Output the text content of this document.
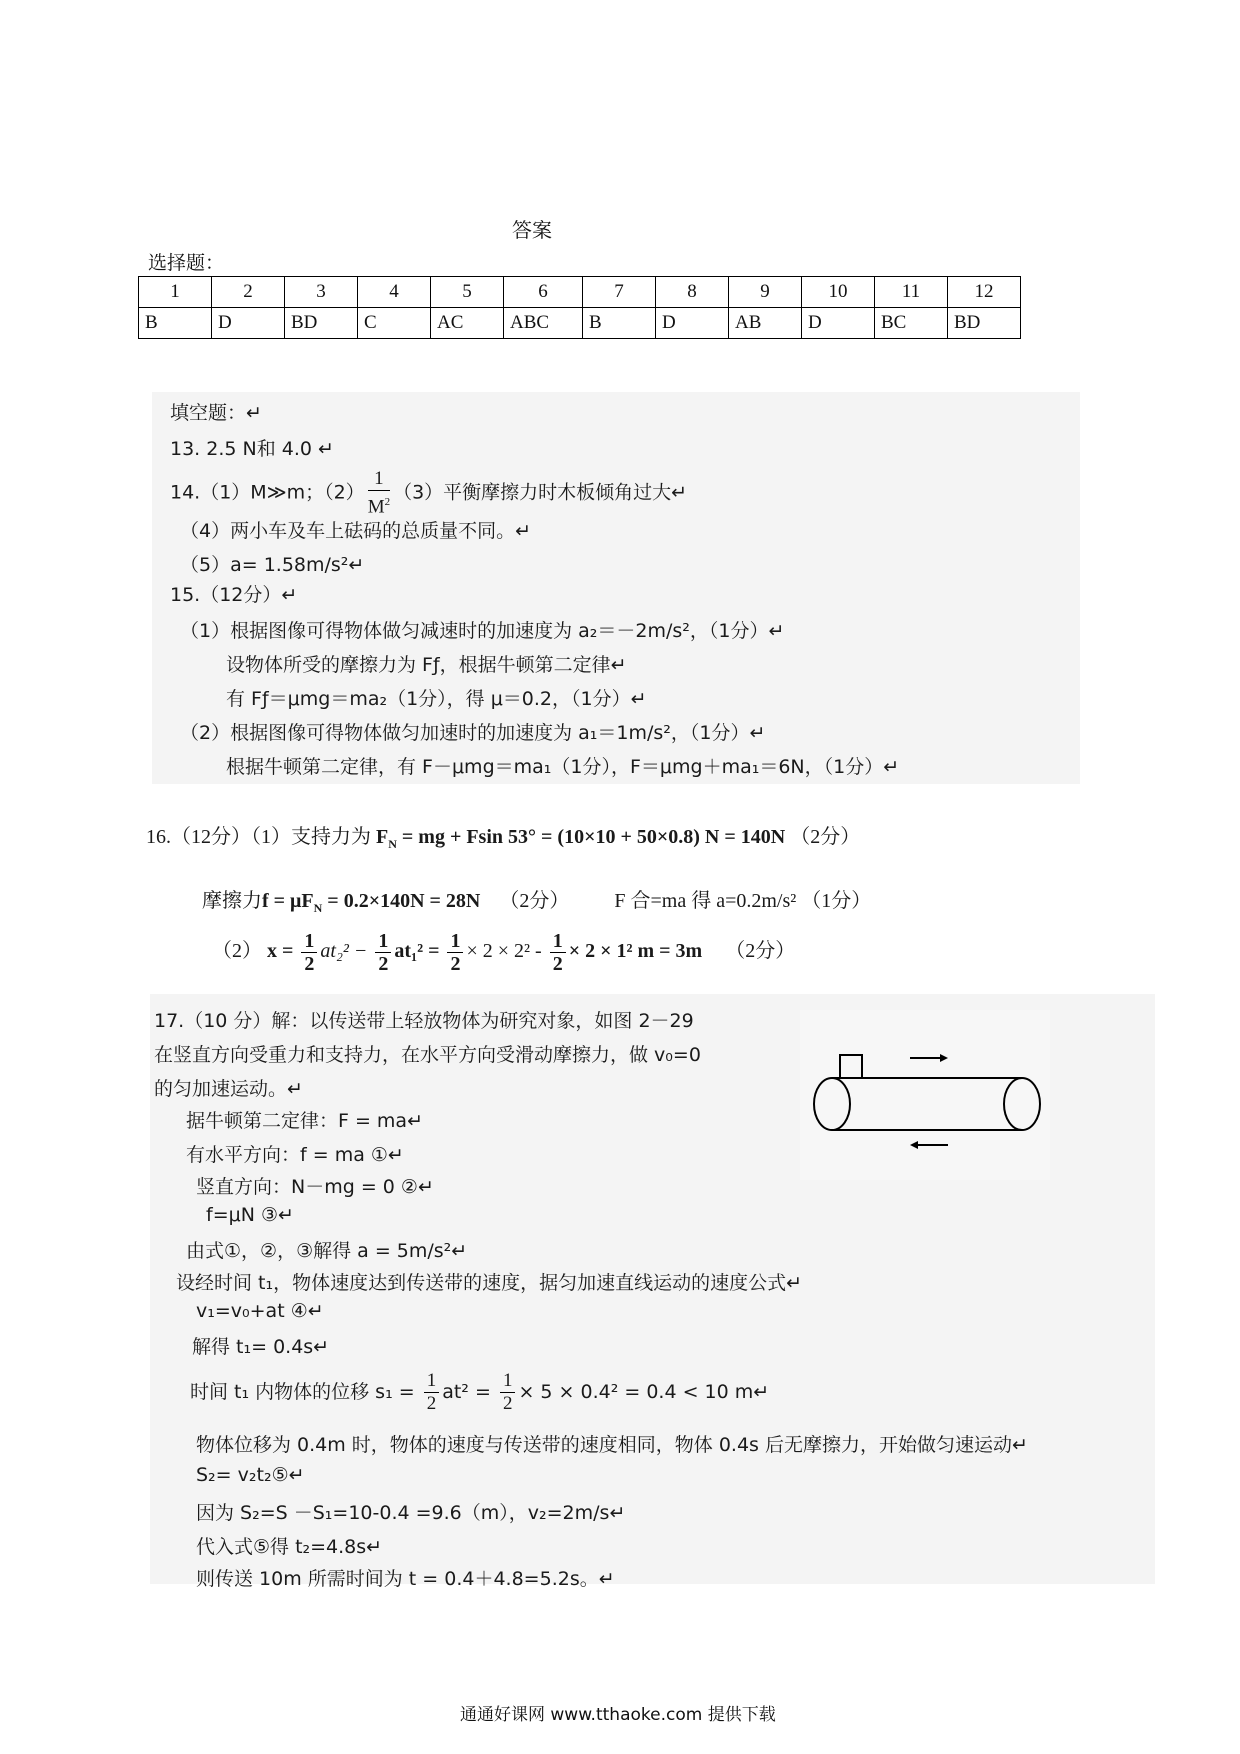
答案
选择题：
1	2	3	4	5	6	7	8	9	10	11	12
B	D	BD	C	AC	ABC	B	D	AB	D	BC	BD
填空题：↵
13. 2.5 N和 4.0 ↵
14.（1）M≫m；$(2) \frac{1}{M^2} (3)$平衡摩擦力时木板倾角过大↵
（4）两小车及车上砝码的总质量不同。↵
（5）a= 1.58m/s²↵
15.（12分）↵
（1）根据图像可得物体做匀减速时的加速度为 a₂＝－2m/s²，（1分）↵
设物体所受的摩擦力为 Fƒ，根据牛顿第二定律↵
有 Fƒ＝μmg＝ma₂（1分），得 μ＝0.2，（1分）↵
（2）根据图像可得物体做匀加速时的加速度为 a₁＝1m/s²，（1分）↵
根据牛顿第二定律，有 F－μmg＝ma₁（1分），F＝μmg＋ma₁＝6N，（1分）↵
16.（12分）（1）支持力为 $F_N$ = mg + Fsin 53° = (10×10 + 50×0.8) N = 140N （2分）
摩擦力$f = \mu F_N = 0.2\times 140N = 28N$ （2分） F 合=ma 得 a=0.2m/s² （1分）
（2） $x = \frac{1}{2} at_2^2 - \frac{1}{2} at_1^2 = \frac{1}{2} \times 2 \times 2^2 - \frac{1}{2} \times 2 \times 1^2$ m = 3m （2分）
17.（10 分）解：以传送带上轻放物体为研究对象，如图 2－29
在竖直方向受重力和支持力，在水平方向受滑动摩擦力，做 v₀=0
的匀加速运动。↵
据牛顿第二定律：F = ma↵
有水平方向：f = ma ①↵
竖直方向：N－mg = 0 ②↵
f=μN ③↵
由式①，②，③解得 a = 5m/s²↵
设经时间 t₁，物体速度达到传送带的速度，据匀加速直线运动的速度公式↵
v₁=v₀+at ④↵
解得 t₁= 0.4s↵
时间 t₁ 内物体的位移 $s_1 = \frac{1}{2} at^2 = \frac{1}{2} \times 5 \times 0.4^2 = 0.4 < 10$ m↵
物体位移为 0.4m 时，物体的速度与传送带的速度相同，物体 0.4s 后无摩擦力，开始做匀速运动↵
S₂= v₂t₂⑤↵
因为 S₂=S －S₁=10-0.4 =9.6（m），v₂=2m/s↵
代入式⑤得 t₂=4.8s↵
则传送 10m 所需时间为 t = 0.4＋4.8=5.2s。↵
通通好课网 www.tthaoke.com 提供下载
